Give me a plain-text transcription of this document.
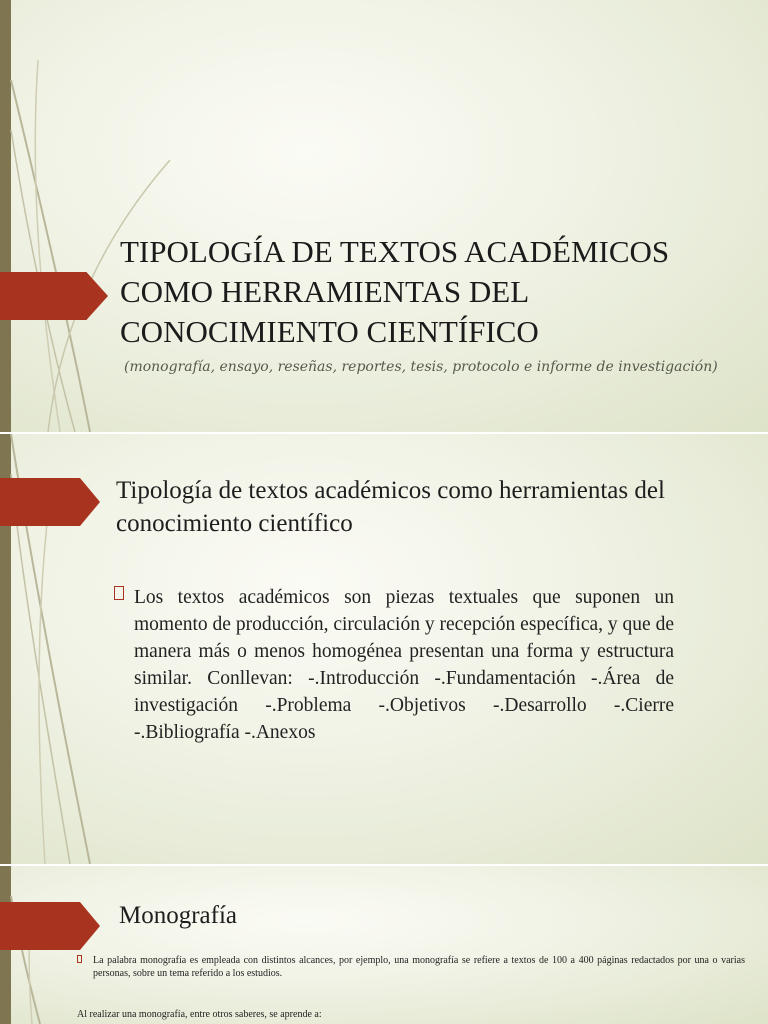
TIPOLOGÍA DE TEXTOS ACADÉMICOS COMO HERRAMIENTAS DEL CONOCIMIENTO CIENTÍFICO
(monografía, ensayo, reseñas, reportes, tesis, protocolo e informe de investigación)
Tipología de textos académicos como herramientas del conocimiento científico
Los textos académicos son piezas textuales que suponen un momento de producción, circulación y recepción específica, y que de manera más o menos homogénea presentan una forma y estructura similar. Conllevan: -.Introducción -.Fundamentación -.Área de investigación -.Problema -.Objetivos -.Desarrollo -.Cierre -.Bibliografía -.Anexos
Monografía
La palabra monografía es empleada con distintos alcances, por ejemplo, una monografía se refiere a textos de 100 a 400 páginas redactados por una o varias personas, sobre un tema referido a los estudios.
Al realizar una monografía, entre otros saberes, se aprende a:
